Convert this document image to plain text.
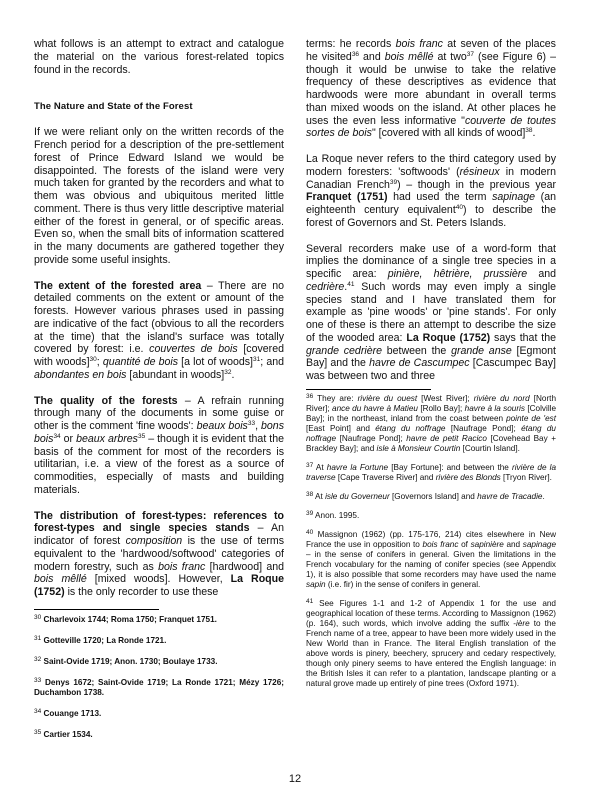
what follows is an attempt to extract and catalogue the material on the various forest-related topics found in the records.

The Nature and State of the Forest

If we were reliant only on the written records of the French period for a description of the pre-settlement forest of Prince Edward Island we would be disappointed. The forests of the island were very much taken for granted by the recorders and what to them was obvious and ubiquitous merited little comment. There is thus very little descriptive material either of the forest in general, or of specific areas. Even so, when the small bits of information scattered in the many documents are gathered together they provide some useful insights.

The extent of the forested area – There are no detailed comments on the extent or amount of the forests. However various phrases used in passing are indicative of the fact (obvious to all the recorders at the time) that the island's surface was totally covered by forest: i.e. couvertes de bois [covered with woods]$^{30}$; quantité de bois [a lot of woods]$^{31}$; and abondantes en bois [abundant in woods]$^{32}$.

The quality of the forests – A refrain running through many of the documents in some guise or other is the comment 'fine woods': beaux bois$^{33}$, bons bois$^{34}$ or beaux arbres$^{35}$ – though it is evident that the basis of the comment for most of the recorders is utilitarian, i.e. a view of the forest as a source of commodities, especially of masts and building materials.

The distribution of forest-types: references to forest-types and single species stands – An indicator of forest composition is the use of terms equivalent to the 'hardwood/softwood' categories of modern forestry, such as bois franc [hardwood] and bois mêllé [mixed woods]. However, La Roque (1752) is the only recorder to use these

$^{30}$ Charlevoix 1744; Roma 1750; Franquet 1751.

$^{31}$ Gotteville 1720; La Ronde 1721.

$^{32}$ Saint-Ovide 1719; Anon. 1730; Boulaye 1733.

$^{33}$ Denys 1672; Saint-Ovide 1719; La Ronde 1721; Mézy 1726; Duchambon 1738.

$^{34}$ Couange 1713.

$^{35}$ Cartier 1534.

terms: he records bois franc at seven of the places he visited$^{36}$ and bois mêllé at two$^{37}$ (see Figure 6) – though it would be unwise to take the relative frequency of these descriptives as evidence that hardwoods were more abundant in overall terms than mixed woods on the island. At other places he uses the even less informative "couverte de toutes sortes de bois" [covered with all kinds of wood]$^{38}$.

La Roque never refers to the third category used by modern foresters: 'softwoods' (résineux in modern Canadian French$^{39}$) – though in the previous year Franquet (1751) had used the term sapinage (an eighteenth century equivalent$^{40}$) to describe the forest of Governors and St. Peters Islands.

Several recorders make use of a word-form that implies the dominance of a single tree species in a specific area: pinière, hêtrière, prussière and cedrière.$^{41}$ Such words may even imply a single species stand and I have translated them for example as 'pine woods' or 'pine stands'. For only one of these is there an attempt to describe the size of the wooded area: La Roque (1752) says that the grande cedrière between the grande anse [Egmont Bay] and the havre de Cascumpec [Cascumpec Bay] was between two and three

$^{36}$ They are: rivière du ouest [West River]; rivière du nord [North River]; ance du havre à Matieu [Rollo Bay]; havre à la souris [Colville Bay]; in the northeast, inland from the coast between pointe de 'est [East Point] and étang du noffrage [Naufrage Pond]; étang du noffrage [Naufrage Pond]; havre de petit Racico [Covehead Bay + Brackley Bay]; and isle à Monsieur Courtin [Courtin Island].

$^{37}$ At havre la Fortune [Bay Fortune]: and between the rivière de la traverse [Cape Traverse River] and rivière des Blonds [Tryon River].

$^{38}$ At isle du Governeur [Governors Island] and havre de Tracadie.

$^{39}$ Anon. 1995.

$^{40}$ Massignon (1962) (pp. 175-176, 214) cites elsewhere in New France the use in opposition to bois franc of sapinière and sapinage – in the sense of conifers in general. Given the limitations in the French vocabulary for the naming of conifer species (see Appendix 1), it is also possible that some recorders may have used the name sapin (i.e. fir) in the sense of conifers in general.

$^{41}$ See Figures 1-1 and 1-2 of Appendix 1 for the use and geographical location of these terms. According to Massignon (1962) (p. 164), such words, which involve adding the suffix -ière to the French name of a tree, appear to have been more widely used in the New World than in France. The literal English translation of the above words is pinery, beechery, sprucery and cedary respectively, though only pinery seems to have entered the English language: in the British Isles it can refer to a plantation, landscape planting or a natural grove made up entirely of pine trees (Oxford 1971).

12
